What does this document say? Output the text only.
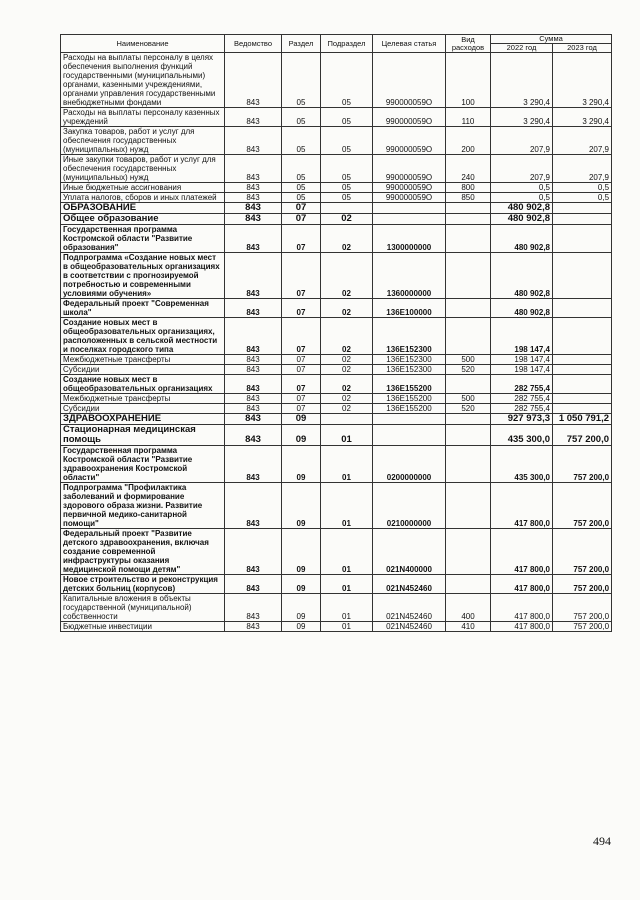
Наименование	Ведомство	Раздел	Подраздел	Целевая статья	Вид расходов	Сумма	
						2022 год	2023 год
Расходы на выплаты персоналу в целях обеспечения выполнения функций государственными (муниципальными) органами, казенными учреждениями, органами управления государственными внебюджетными фондами	843	05	05	990000059О	100	3 290,4	3 290,4
Расходы на выплаты персоналу казенных учреждений	843	05	05	990000059О	110	3 290,4	3 290,4
Закупка товаров, работ и услуг для обеспечения государственных (муниципальных) нужд	843	05	05	990000059О	200	207,9	207,9
Иные закупки товаров, работ и услуг для обеспечения государственных (муниципальных) нужд	843	05	05	990000059О	240	207,9	207,9
Иные бюджетные ассигнования	843	05	05	990000059О	800	0,5	0,5
Уплата налогов, сборов и иных платежей	843	05	05	990000059О	850	0,5	0,5
ОБРАЗОВАНИЕ	843	07				480 902,8	
Общее образование	843	07	02			480 902,8	
Государственная программа Костромской области "Развитие образования"	843	07	02	1300000000		480 902,8	
Подпрограмма «Создание новых мест в общеобразовательных организациях в соответствии с прогнозируемой потребностью и современными условиями обучения»	843	07	02	1360000000		480 902,8	
Федеральный проект "Современная школа"	843	07	02	136E100000		480 902,8	
Создание новых мест в общеобразовательных организациях, расположенных в сельской местности и поселках городского типа	843	07	02	136E152300		198 147,4	
Межбюджетные трансферты	843	07	02	136E152300	500	198 147,4	
Субсидии	843	07	02	136E152300	520	198 147,4	
Создание новых мест в общеобразовательных организациях	843	07	02	136E155200		282 755,4	
Межбюджетные трансферты	843	07	02	136E155200	500	282 755,4	
Субсидии	843	07	02	136E155200	520	282 755,4	
ЗДРАВООХРАНЕНИЕ	843	09				927 973,3	1 050 791,2
Стационарная медицинская помощь	843	09	01			435 300,0	757 200,0
Государственная программа Костромской области "Развитие здравоохранения Костромской области"	843	09	01	0200000000		435 300,0	757 200,0
Подпрограмма "Профилактика заболеваний и формирование здорового образа жизни. Развитие первичной медико-санитарной помощи"	843	09	01	0210000000		417 800,0	757 200,0
Федеральный проект "Развитие детского здравоохранения, включая создание современной инфраструктуры оказания медицинской помощи детям"	843	09	01	021N400000		417 800,0	757 200,0
Новое строительство и реконструкция детских больниц (корпусов)	843	09	01	021N452460		417 800,0	757 200,0
Капитальные вложения в объекты государственной (муниципальной) собственности	843	09	01	021N452460	400	417 800,0	757 200,0
Бюджетные инвестиции	843	09	01	021N452460	410	417 800,0	757 200,0
494
